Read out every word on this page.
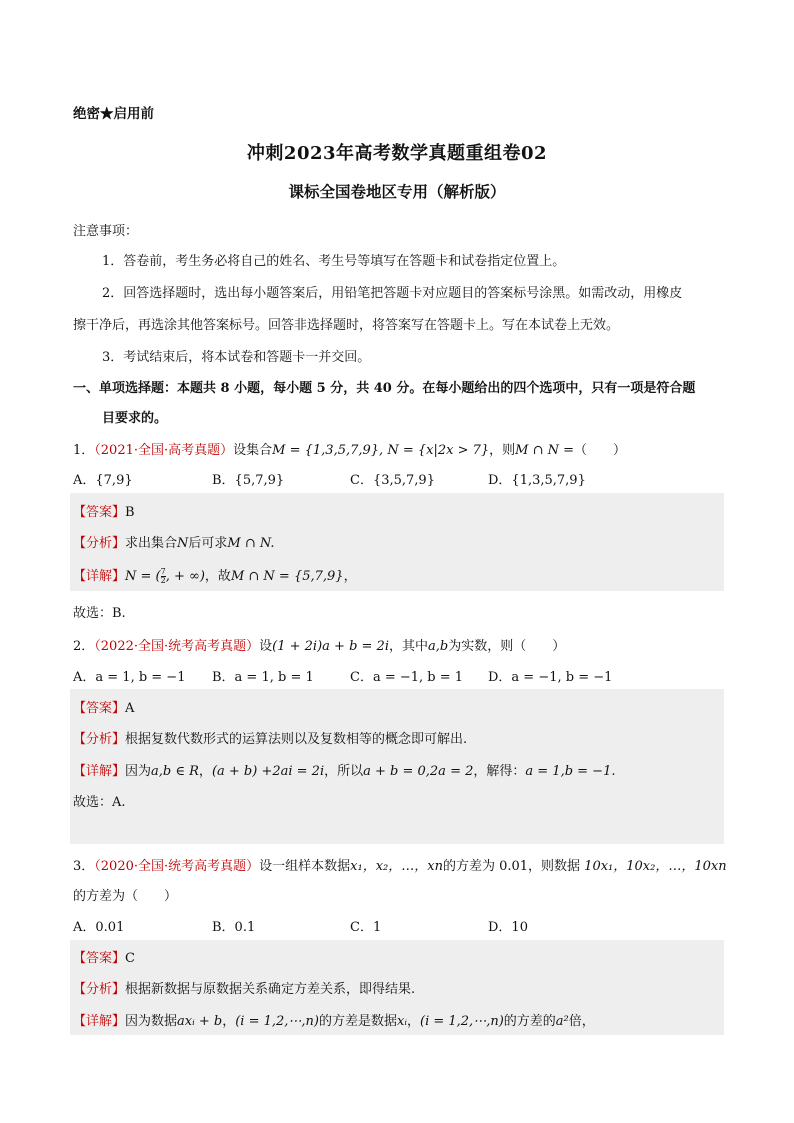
绝密★启用前
冲刺2023年高考数学真题重组卷02
课标全国卷地区专用（解析版）
注意事项：
1．答卷前，考生务必将自己的姓名、考生号等填写在答题卡和试卷指定位置上。
2．回答选择题时，选出每小题答案后，用铅笔把答题卡对应题目的答案标号涂黑。如需改动，用橡皮
擦干净后，再选涂其他答案标号。回答非选择题时，将答案写在答题卡上。写在本试卷上无效。
3．考试结束后，将本试卷和答题卡一并交回。
一、单项选择题：本题共 8 小题，每小题 5 分，共 40 分。在每小题给出的四个选项中，只有一项是符合题
目要求的。
1．（2021·全国·高考真题）设集合M = {1,3,5,7,9}, N = {x|2x > 7}，则M ∩ N =（　　）
A．{7,9}	B．{5,7,9}	C．{3,5,7,9}	D．{1,3,5,7,9}
【答案】B
【分析】求出集合N后可求M ∩ N.
【详解】N = ( $\frac{7}{2}$ , + ∞)，故M ∩ N = {5,7,9}，
故选：B.
2．（2022·全国·统考高考真题）设(1 + 2i)a + b = 2i，其中a,b为实数，则（　　）
A．a = 1, b = −1 B．a = 1, b = 1	C．a = −1, b = 1 D．a = −1, b = −1
【答案】A
【分析】根据复数代数形式的运算法则以及复数相等的概念即可解出.
【详解】因为a,b ∈ R，(a + b) +2ai = 2i，所以a + b = 0,2a = 2，解得：a = 1,b = −1.
故选：A.
3．（2020·全国·统考高考真题）设一组样本数据x₁，x₂，…，xn的方差为 0.01，则数据 10x₁，10x₂，…，10xn
的方差为（　　）
A．0.01	B．0.1	C．1	D．10
【答案】C
【分析】根据新数据与原数据关系确定方差关系，即得结果.
【详解】因为数据axᵢ + b，(i = 1,2,⋯,n)的方差是数据xᵢ，(i = 1,2,⋯,n)的方差的a²倍，
